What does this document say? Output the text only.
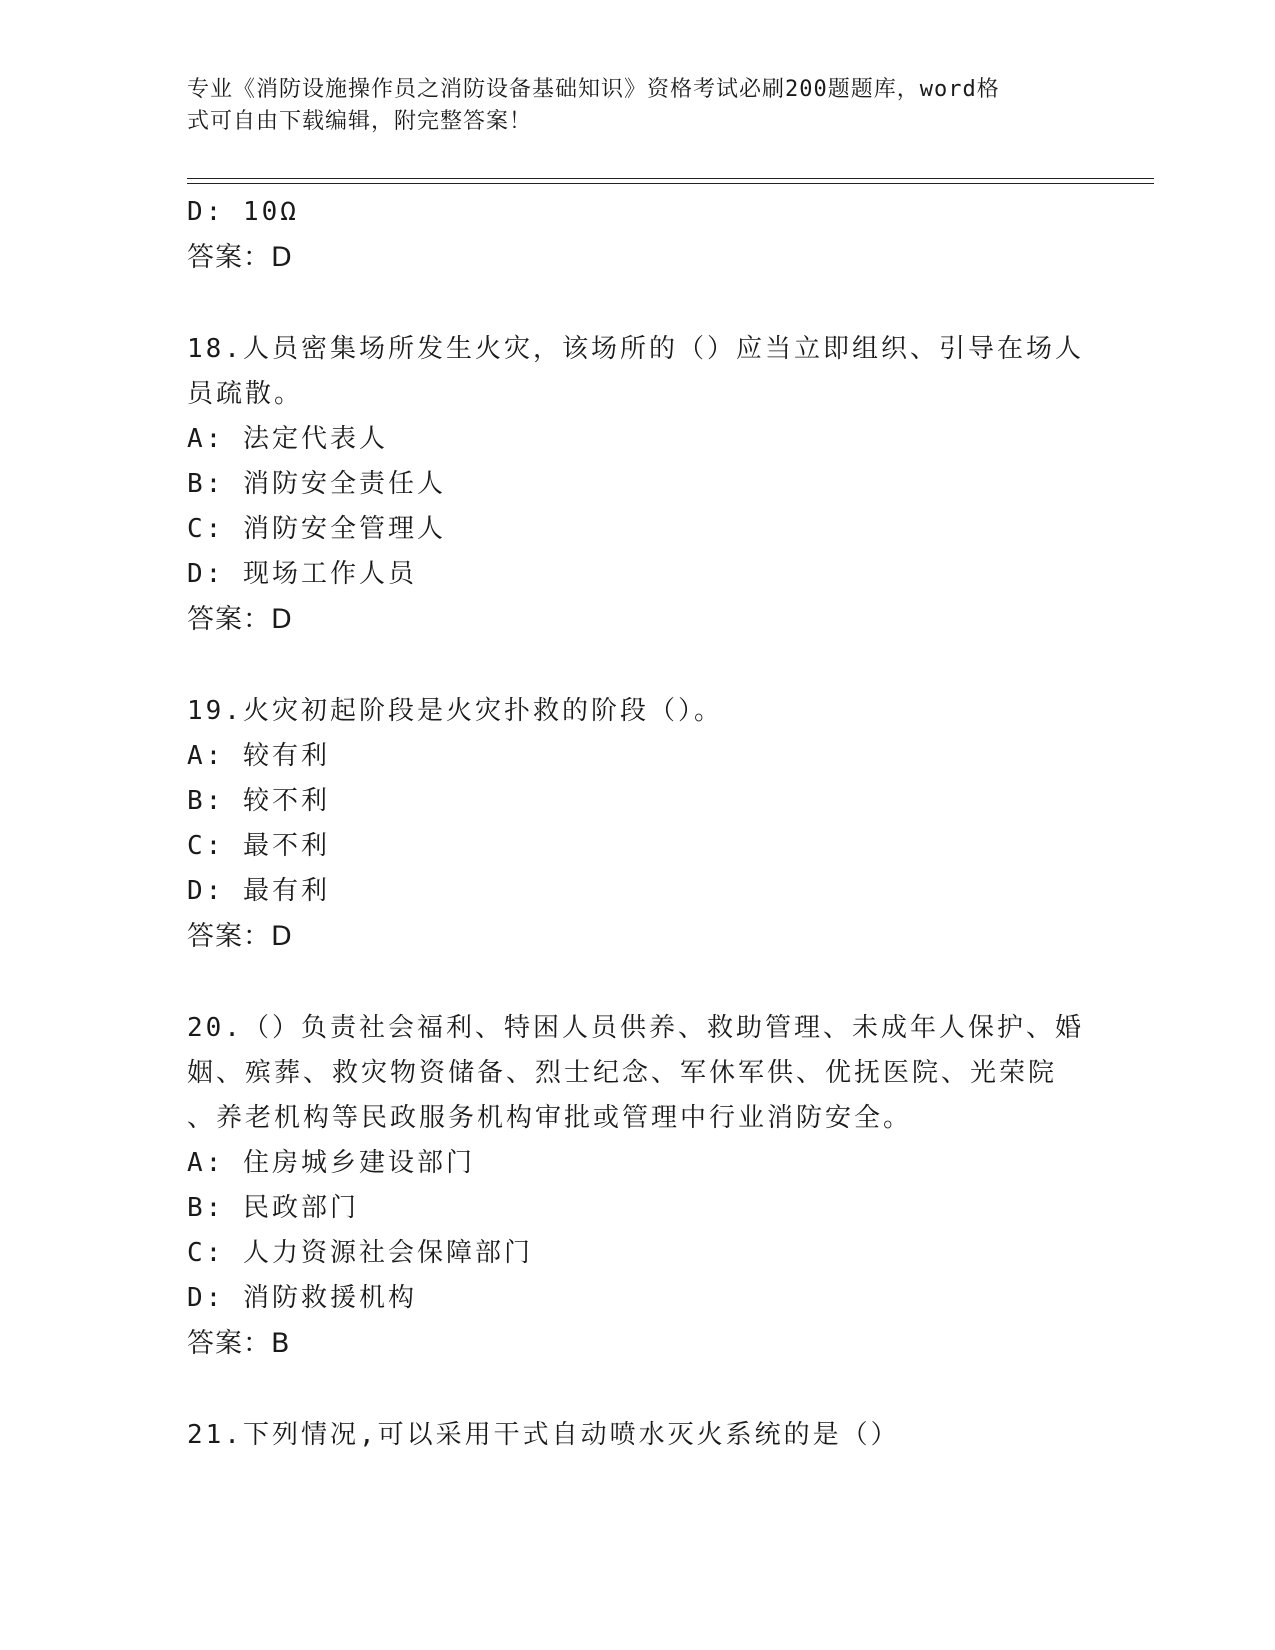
专业《消防设施操作员之消防设备基础知识》资格考试必刷200题题库，word格
式可自由下载编辑，附完整答案！
D: 10Ω
答案：D
18.人员密集场所发生火灾，该场所的（）应当立即组织、引导在场人
员疏散。
A: 法定代表人
B: 消防安全责任人
C: 消防安全管理人
D: 现场工作人员
答案：D
19.火灾初起阶段是火灾扑救的阶段（）。
A: 较有利
B: 较不利
C: 最不利
D: 最有利
答案：D
20.（）负责社会福利、特困人员供养、救助管理、未成年人保护、婚
姻、殡葬、救灾物资储备、烈士纪念、军休军供、优抚医院、光荣院
、养老机构等民政服务机构审批或管理中行业消防安全。
A: 住房城乡建设部门
B: 民政部门
C: 人力资源社会保障部门
D: 消防救援机构
答案：B
21.下列情况,可以采用干式自动喷水灭火系统的是（）
